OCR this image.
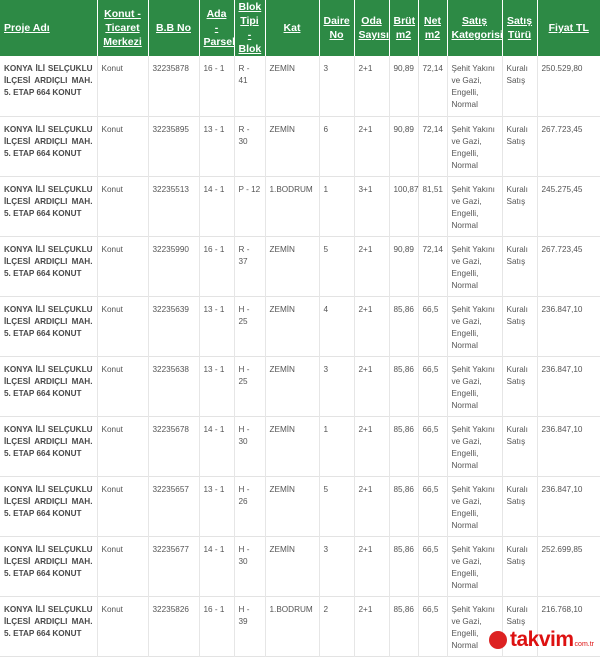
Proje Adı	Konut - Ticaret Merkezi	B.B No	Ada - Parsel	Blok Tipi - Blok	Kat	Daire No	Oda Sayısı	Brüt m2	Net m2	Satış Kategorisi	Satış Türü	Fiyat TL
KONYA İLİ SELÇUKLU İLÇESİ ARDIÇLI MAH. 5. ETAP 664 KONUT	Konut	32235878	16 - 1	R - 41	ZEMİN	3	2+1	90,89	72,14	Şehit Yakını ve Gazi, Engelli, Normal	Kuralı Satış	250.529,80
KONYA İLİ SELÇUKLU İLÇESİ ARDIÇLI MAH. 5. ETAP 664 KONUT	Konut	32235895	13 - 1	R - 30	ZEMİN	6	2+1	90,89	72,14	Şehit Yakını ve Gazi, Engelli, Normal	Kuralı Satış	267.723,45
KONYA İLİ SELÇUKLU İLÇESİ ARDIÇLI MAH. 5. ETAP 664 KONUT	Konut	32235513	14 - 1	P - 12	1.BODRUM	1	3+1	100,87	81,51	Şehit Yakını ve Gazi, Engelli, Normal	Kuralı Satış	245.275,45
KONYA İLİ SELÇUKLU İLÇESİ ARDIÇLI MAH. 5. ETAP 664 KONUT	Konut	32235990	16 - 1	R - 37	ZEMİN	5	2+1	90,89	72,14	Şehit Yakını ve Gazi, Engelli, Normal	Kuralı Satış	267.723,45
KONYA İLİ SELÇUKLU İLÇESİ ARDIÇLI MAH. 5. ETAP 664 KONUT	Konut	32235639	13 - 1	H - 25	ZEMİN	4	2+1	85,86	66,5	Şehit Yakını ve Gazi, Engelli, Normal	Kuralı Satış	236.847,10
KONYA İLİ SELÇUKLU İLÇESİ ARDIÇLI MAH. 5. ETAP 664 KONUT	Konut	32235638	13 - 1	H - 25	ZEMİN	3	2+1	85,86	66,5	Şehit Yakını ve Gazi, Engelli, Normal	Kuralı Satış	236.847,10
KONYA İLİ SELÇUKLU İLÇESİ ARDIÇLI MAH. 5. ETAP 664 KONUT	Konut	32235678	14 - 1	H - 30	ZEMİN	1	2+1	85,86	66,5	Şehit Yakını ve Gazi, Engelli, Normal	Kuralı Satış	236.847,10
KONYA İLİ SELÇUKLU İLÇESİ ARDIÇLI MAH. 5. ETAP 664 KONUT	Konut	32235657	13 - 1	H - 26	ZEMİN	5	2+1	85,86	66,5	Şehit Yakını ve Gazi, Engelli, Normal	Kuralı Satış	236.847,10
KONYA İLİ SELÇUKLU İLÇESİ ARDIÇLI MAH. 5. ETAP 664 KONUT	Konut	32235677	14 - 1	H - 30	ZEMİN	3	2+1	85,86	66,5	Şehit Yakını ve Gazi, Engelli, Normal	Kuralı Satış	252.699,85
KONYA İLİ SELÇUKLU İLÇESİ ARDIÇLI MAH. 5. ETAP 664 KONUT	Konut	32235826	16 - 1	H - 39	1.BODRUM	2	2+1	85,86	66,5	Şehit Yakını ve Gazi, Engelli, Normal	Kuralı Satış	216.768,10
takvim com.tr
